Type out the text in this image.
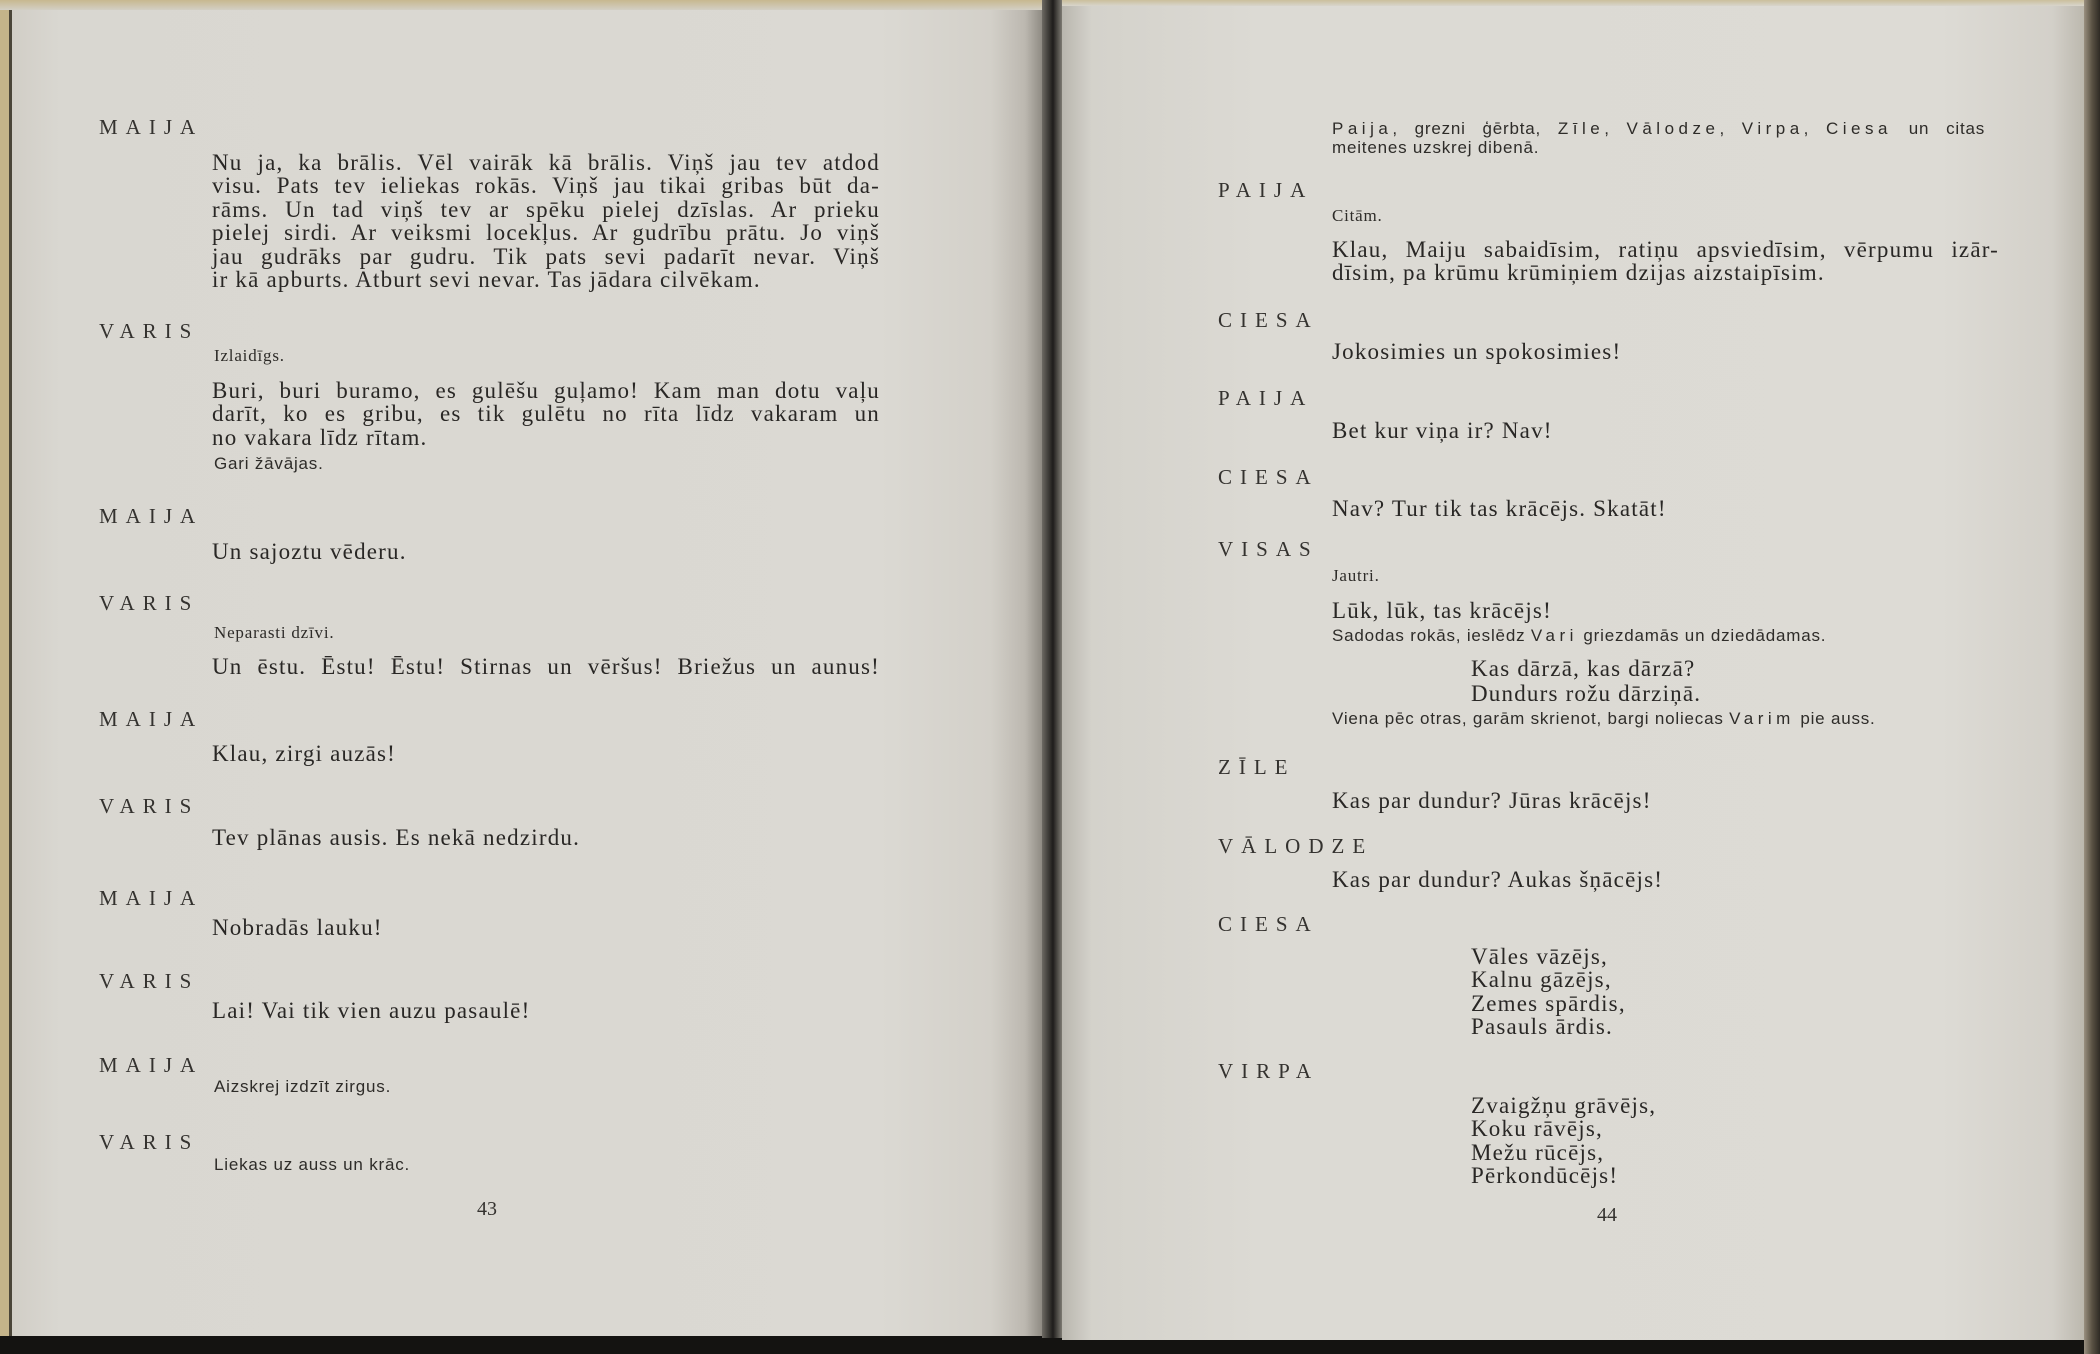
MAIJA
Nu ja, ka brālis. Vēl vairāk kā brālis. Viņš jau tev atdod
visu. Pats tev ieliekas rokās. Viņš jau tikai gribas būt da-
rāms. Un tad viņš tev ar spēku pielej dzīslas. Ar prieku
pielej sirdi. Ar veiksmi locekļus. Ar gudrību prātu. Jo viņš
jau gudrāks par gudru. Tik pats sevi padarīt nevar. Viņš
ir kā apburts. Atburt sevi nevar. Tas jādara cilvēkam.
VARIS
Izlaidīgs.
Buri, buri buramo, es gulēšu guļamo! Kam man dotu vaļu
darīt, ko es gribu, es tik gulētu no rīta līdz vakaram un
no vakara līdz rītam.
Gari žāvājas.
MAIJA
Un sajoztu vēderu.
VARIS
Neparasti dzīvi.
Un ēstu. Ēstu! Ēstu! Stirnas un vēršus! Briežus un aunus!
MAIJA
Klau, zirgi auzās!
VARIS
Tev plānas ausis. Es nekā nedzirdu.
MAIJA
Nobradās lauku!
VARIS
Lai! Vai tik vien auzu pasaulē!
MAIJA
Aizskrej izdzīt zirgus.
VARIS
Liekas uz auss un krāc.
43
Paija, grezni ģērbta, Zīle, Vālodze, Virpa, Ciesa un citas
meitenes uzskrej dibenā.
PAIJA
Citām.
Klau, Maiju sabaidīsim, ratiņu apsviedīsim, vērpumu izār-
dīsim, pa krūmu krūmiņiem dzijas aizstaipīsim.
CIESA
Jokosimies un spokosimies!
PAIJA
Bet kur viņa ir? Nav!
CIESA
Nav? Tur tik tas krācējs. Skatāt!
VISAS
Jautri.
Lūk, lūk, tas krācējs!
Sadodas rokās, ieslēdz Vari griezdamās un dziedādamas.
Kas dārzā, kas dārzā?
Dundurs rožu dārziņā.
Viena pēc otras, garām skrienot, bargi noliecas Varim pie auss.
ZĪLE
Kas par dundur? Jūras krācējs!
VĀLODZE
Kas par dundur? Aukas šņācējs!
CIESA
Vāles vāzējs,
Kalnu gāzējs,
Zemes spārdis,
Pasauls ārdis.
VIRPA
Zvaigžņu grāvējs,
Koku rāvējs,
Mežu rūcējs,
Pērkondūcējs!
44
